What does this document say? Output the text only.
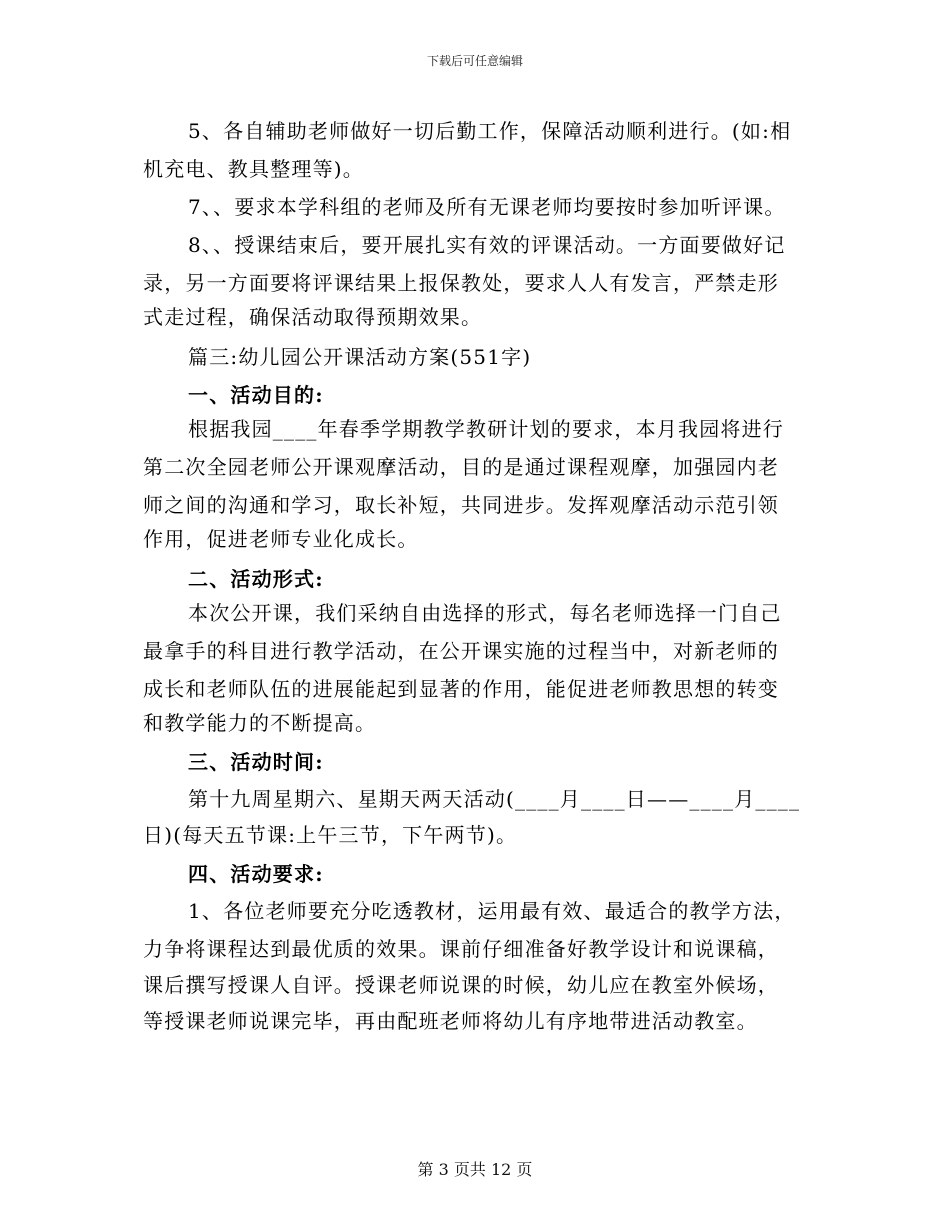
下载后可任意编辑
5、各自辅助老师做好一切后勤工作，保障活动顺利进行。(如:相
机充电、教具整理等)。
7、、要求本学科组的老师及所有无课老师均要按时参加听评课。
8、、授课结束后，要开展扎实有效的评课活动。一方面要做好记
录，另一方面要将评课结果上报保教处，要求人人有发言，严禁走形
式走过程，确保活动取得预期效果。
篇三:幼儿园公开课活动方案(551字)
一、活动目的:
根据我园____年春季学期教学教研计划的要求，本月我园将进行
第二次全园老师公开课观摩活动，目的是通过课程观摩，加强园内老
师之间的沟通和学习，取长补短，共同进步。发挥观摩活动示范引领
作用，促进老师专业化成长。
二、活动形式:
本次公开课，我们采纳自由选择的形式，每名老师选择一门自己
最拿手的科目进行教学活动，在公开课实施的过程当中，对新老师的
成长和老师队伍的进展能起到显著的作用，能促进老师教思想的转变
和教学能力的不断提高。
三、活动时间:
第十九周星期六、星期天两天活动(____月____日——____月____
日)(每天五节课:上午三节，下午两节)。
四、活动要求:
1、各位老师要充分吃透教材，运用最有效、最适合的教学方法，
力争将课程达到最优质的效果。课前仔细准备好教学设计和说课稿，
课后撰写授课人自评。授课老师说课的时候，幼儿应在教室外候场，
等授课老师说课完毕，再由配班老师将幼儿有序地带进活动教室。
第 3 页共 12 页
